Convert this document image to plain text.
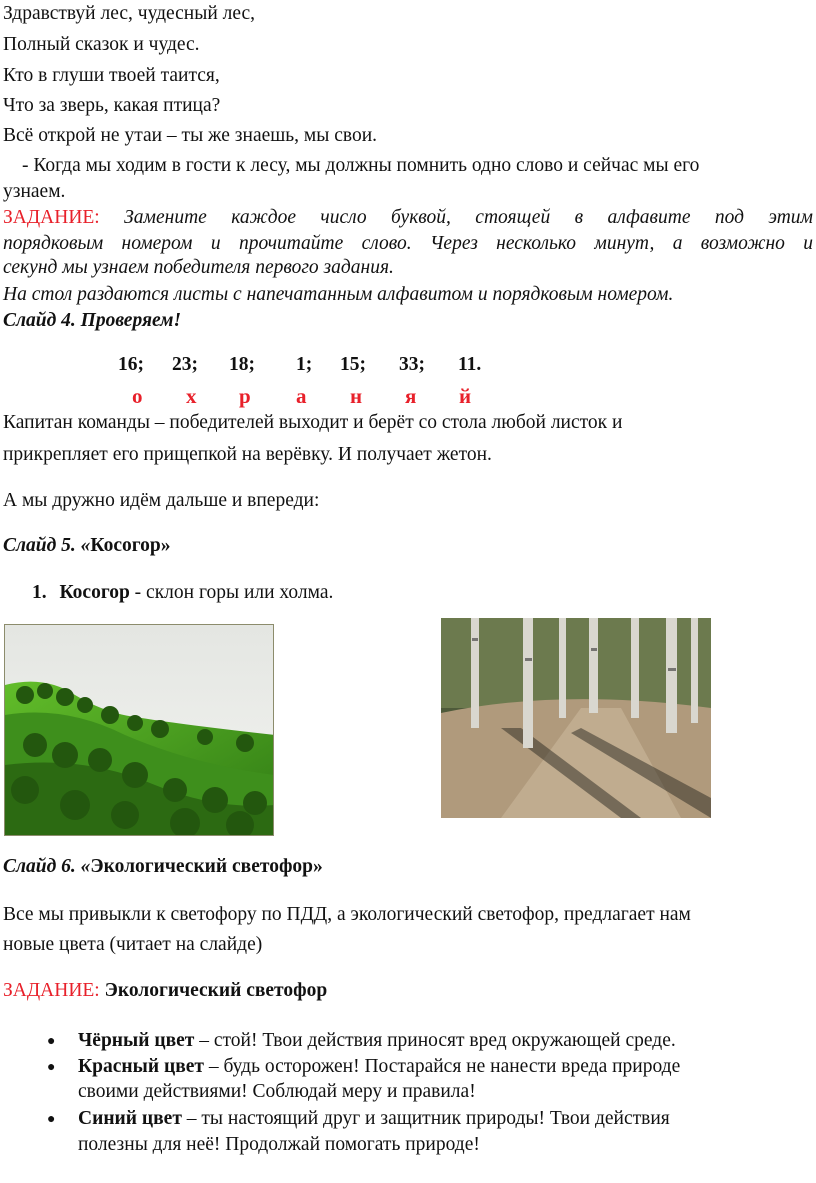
Здравствуй лес, чудесный лес,
Полный сказок и чудес.
Кто в глуши твоей таится,
Что за зверь, какая птица?
Всё открой не утаи – ты же знаешь, мы свои.
- Когда мы ходим в гости к лесу, мы должны помнить одно слово и сейчас мы его
узнаем.
ЗАДАНИЕ: Замените каждое число буквой, стоящей в алфавите под этим
порядковым номером и прочитайте слово. Через несколько минут, а возможно и
секунд мы узнаем победителя первого задания.
На стол раздаются листы с напечатанным алфавитом и порядковым номером.
Слайд 4. Проверяем!
16; 23; 18; 1; 15; 33; 11.
о х р а н я й
Капитан команды – победителей выходит и берёт со стола любой листок и
прикрепляет его прищепкой на верёвку. И получает жетон.
А мы дружно идём дальше и впереди:
Слайд 5. «Косогор»
1. Косогор - склон горы или холма.
Слайд 6. «Экологический светофор»
Все мы привыкли к светофору по ПДД, а экологический светофор, предлагает нам
новые цвета (читает на слайде)
ЗАДАНИЕ: Экологический светофор
● Чёрный цвет – стой! Твои действия приносят вред окружающей среде.
● Красный цвет – будь осторожен! Постарайся не нанести вреда природе
своими действиями! Соблюдай меру и правила!
● Синий цвет – ты настоящий друг и защитник природы! Твои действия
полезны для неё! Продолжай помогать природе!
